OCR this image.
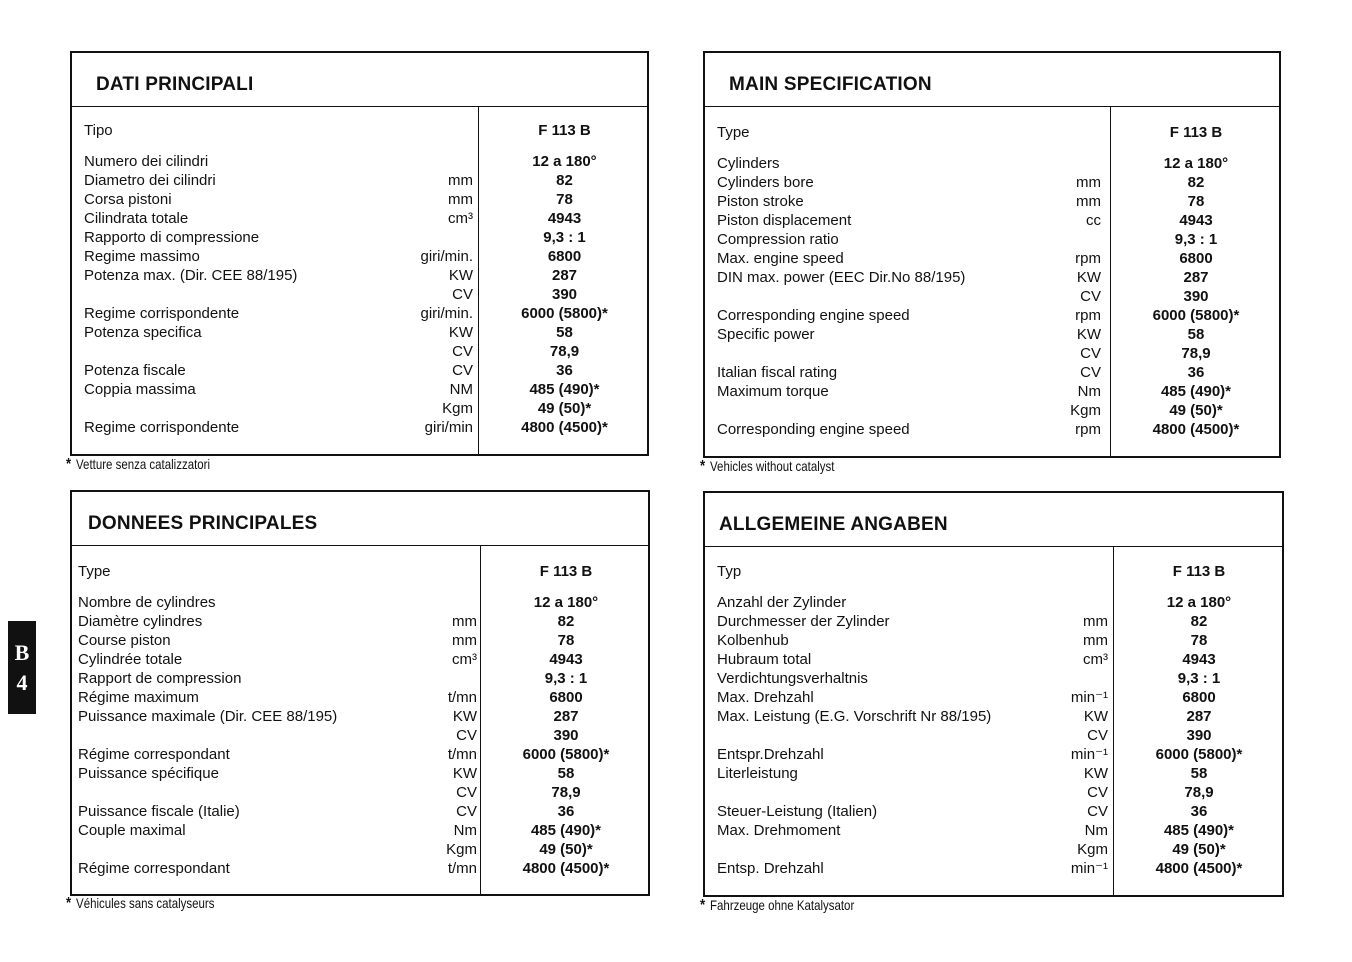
DATI PRINCIPALI
Tipo	F 113 B
Numero dei cilindri	12 a 180°
Diametro dei cilindri	mm	82
Corsa pistoni	mm	78
Cilindrata totale	cm³	4943
Rapporto di compressione	9,3 : 1
Regime massimo	giri/min.	6800
Potenza max. (Dir. CEE 88/195)	KW	287
CV	390
Regime corrispondente	giri/min.	6000 (5800)*
Potenza specifica	KW	58
CV	78,9
Potenza fiscale	CV	36
Coppia massima	NM	485 (490)*
Kgm	49 (50)*
Regime corrispondente	giri/min	4800 (4500)*
* Vetture senza catalizzatori
MAIN SPECIFICATION
Type	F 113 B
Cylinders	12 a 180°
Cylinders bore	mm	82
Piston stroke	mm	78
Piston displacement	cc	4943
Compression ratio	9,3 : 1
Max. engine speed	rpm	6800
DIN max. power (EEC Dir.No 88/195)	KW	287
CV	390
Corresponding engine speed	rpm	6000 (5800)*
Specific power	KW	58
CV	78,9
Italian fiscal rating	CV	36
Maximum torque	Nm	485 (490)*
Kgm	49 (50)*
Corresponding engine speed	rpm	4800 (4500)*
* Vehicles without catalyst
DONNEES PRINCIPALES
Type	F 113 B
Nombre de cylindres	12 a 180°
Diamètre cylindres	mm	82
Course piston	mm	78
Cylindrée totale	cm³	4943
Rapport de compression	9,3 : 1
Régime maximum	t/mn	6800
Puissance maximale (Dir. CEE 88/195)	KW	287
CV	390
Régime correspondant	t/mn	6000 (5800)*
Puissance spécifique	KW	58
CV	78,9
Puissance fiscale (Italie)	CV	36
Couple maximal	Nm	485 (490)*
Kgm	49 (50)*
Régime correspondant	t/mn	4800 (4500)*
* Véhicules sans catalyseurs
ALLGEMEINE ANGABEN
Typ	F 113 B
Anzahl der Zylinder	12 a 180°
Durchmesser der Zylinder	mm	82
Kolbenhub	mm	78
Hubraum total	cm³	4943
Verdichtungsverhaltnis	9,3 : 1
Max. Drehzahl	min⁻¹	6800
Max. Leistung (E.G. Vorschrift Nr 88/195)	KW	287
CV	390
Entspr.Drehzahl	min⁻¹	6000 (5800)*
Literleistung	KW	58
CV	78,9
Steuer-Leistung (Italien)	CV	36
Max. Drehmoment	Nm	485 (490)*
Kgm	49 (50)*
Entsp. Drehzahl	min⁻¹	4800 (4500)*
* Fahrzeuge ohne Katalysator
B
4
